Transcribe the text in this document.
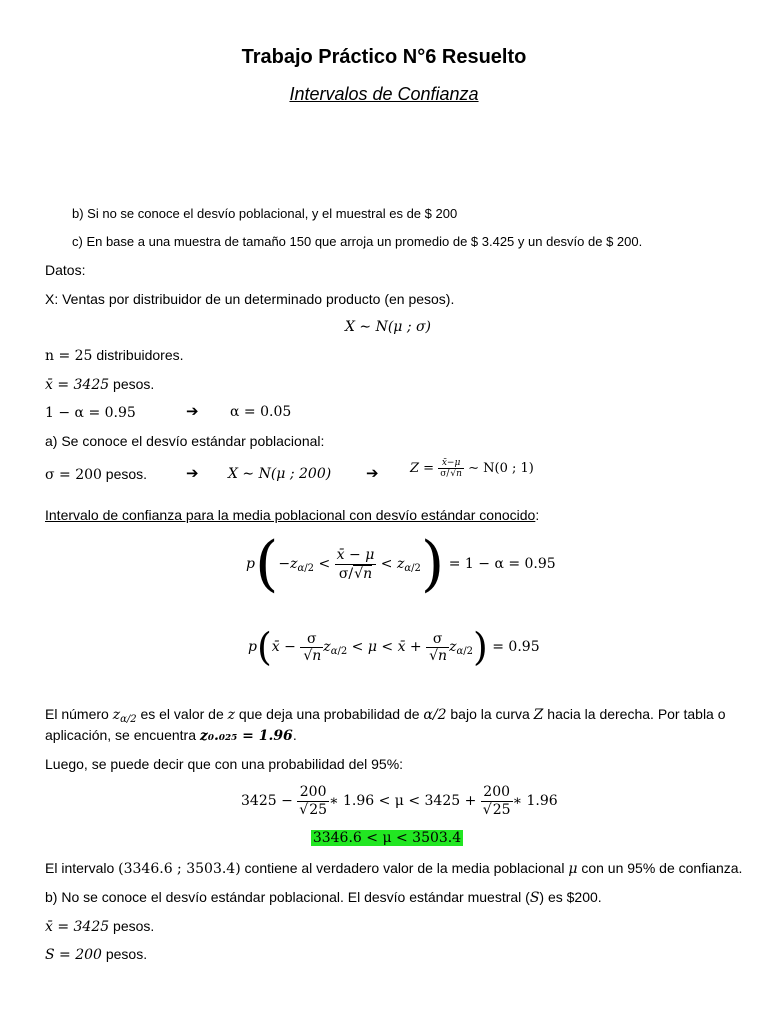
Trabajo Práctico N°6 Resuelto
Intervalos de Confianza
b) Si no se conoce el desvío poblacional, y el muestral es de $ 200
c) En base a una muestra de tamaño 150 que arroja un promedio de $ 3.425 y un desvío de $ 200.
Datos:
X: Ventas por distribuidor de un determinado producto (en pesos).
X ∼ N(μ ; σ)
n = 25 distribuidores.
x̄ = 3425 pesos.
1 − α = 0.95	➔ α = 0.05
a) Se conoce el desvío estándar poblacional:
σ = 200 pesos.	➔ X ∼ N(μ ; 200) ➔ $Z = \frac{x̄-\mu}{\sigma/√n}$ ∼ N(0 ; 1)
Intervalo de confianza para la media poblacional con desvío estándar conocido:
$p(-z_{\alpha/2} < \frac{x̄ - \mu}{\sigma/√n} < z_{\alpha/2}) = 1 - \alpha = 0.95$
p(x̄ − $\frac{\sigma}{√n} z_{\alpha/2} < \mu$ < x̄ + $\frac{\sigma}{√n} z_{\alpha/2}) = 0.95$
El número $z_{\alpha/2}$ es el valor de z que deja una probabilidad de α/2 bajo la curva Z hacia la derecha. Por tabla o
aplicación, se encuentra z₀.₀₂₅ = 1.96.
Luego, se puede decir que con una probabilidad del 95%:
$3425 - \frac{200}{√25}$ ∗ $1.96 < \mu < 3425 + \frac{200}{√25}$ ∗ 1.96
3346.6 < μ < 3503.4
El intervalo (3346.6 ; 3503.4) contiene al verdadero valor de la media poblacional μ con un 95% de confianza.
b) No se conoce el desvío estándar poblacional. El desvío estándar muestral (S) es $200.
x̄ = 3425 pesos.
S = 200 pesos.
